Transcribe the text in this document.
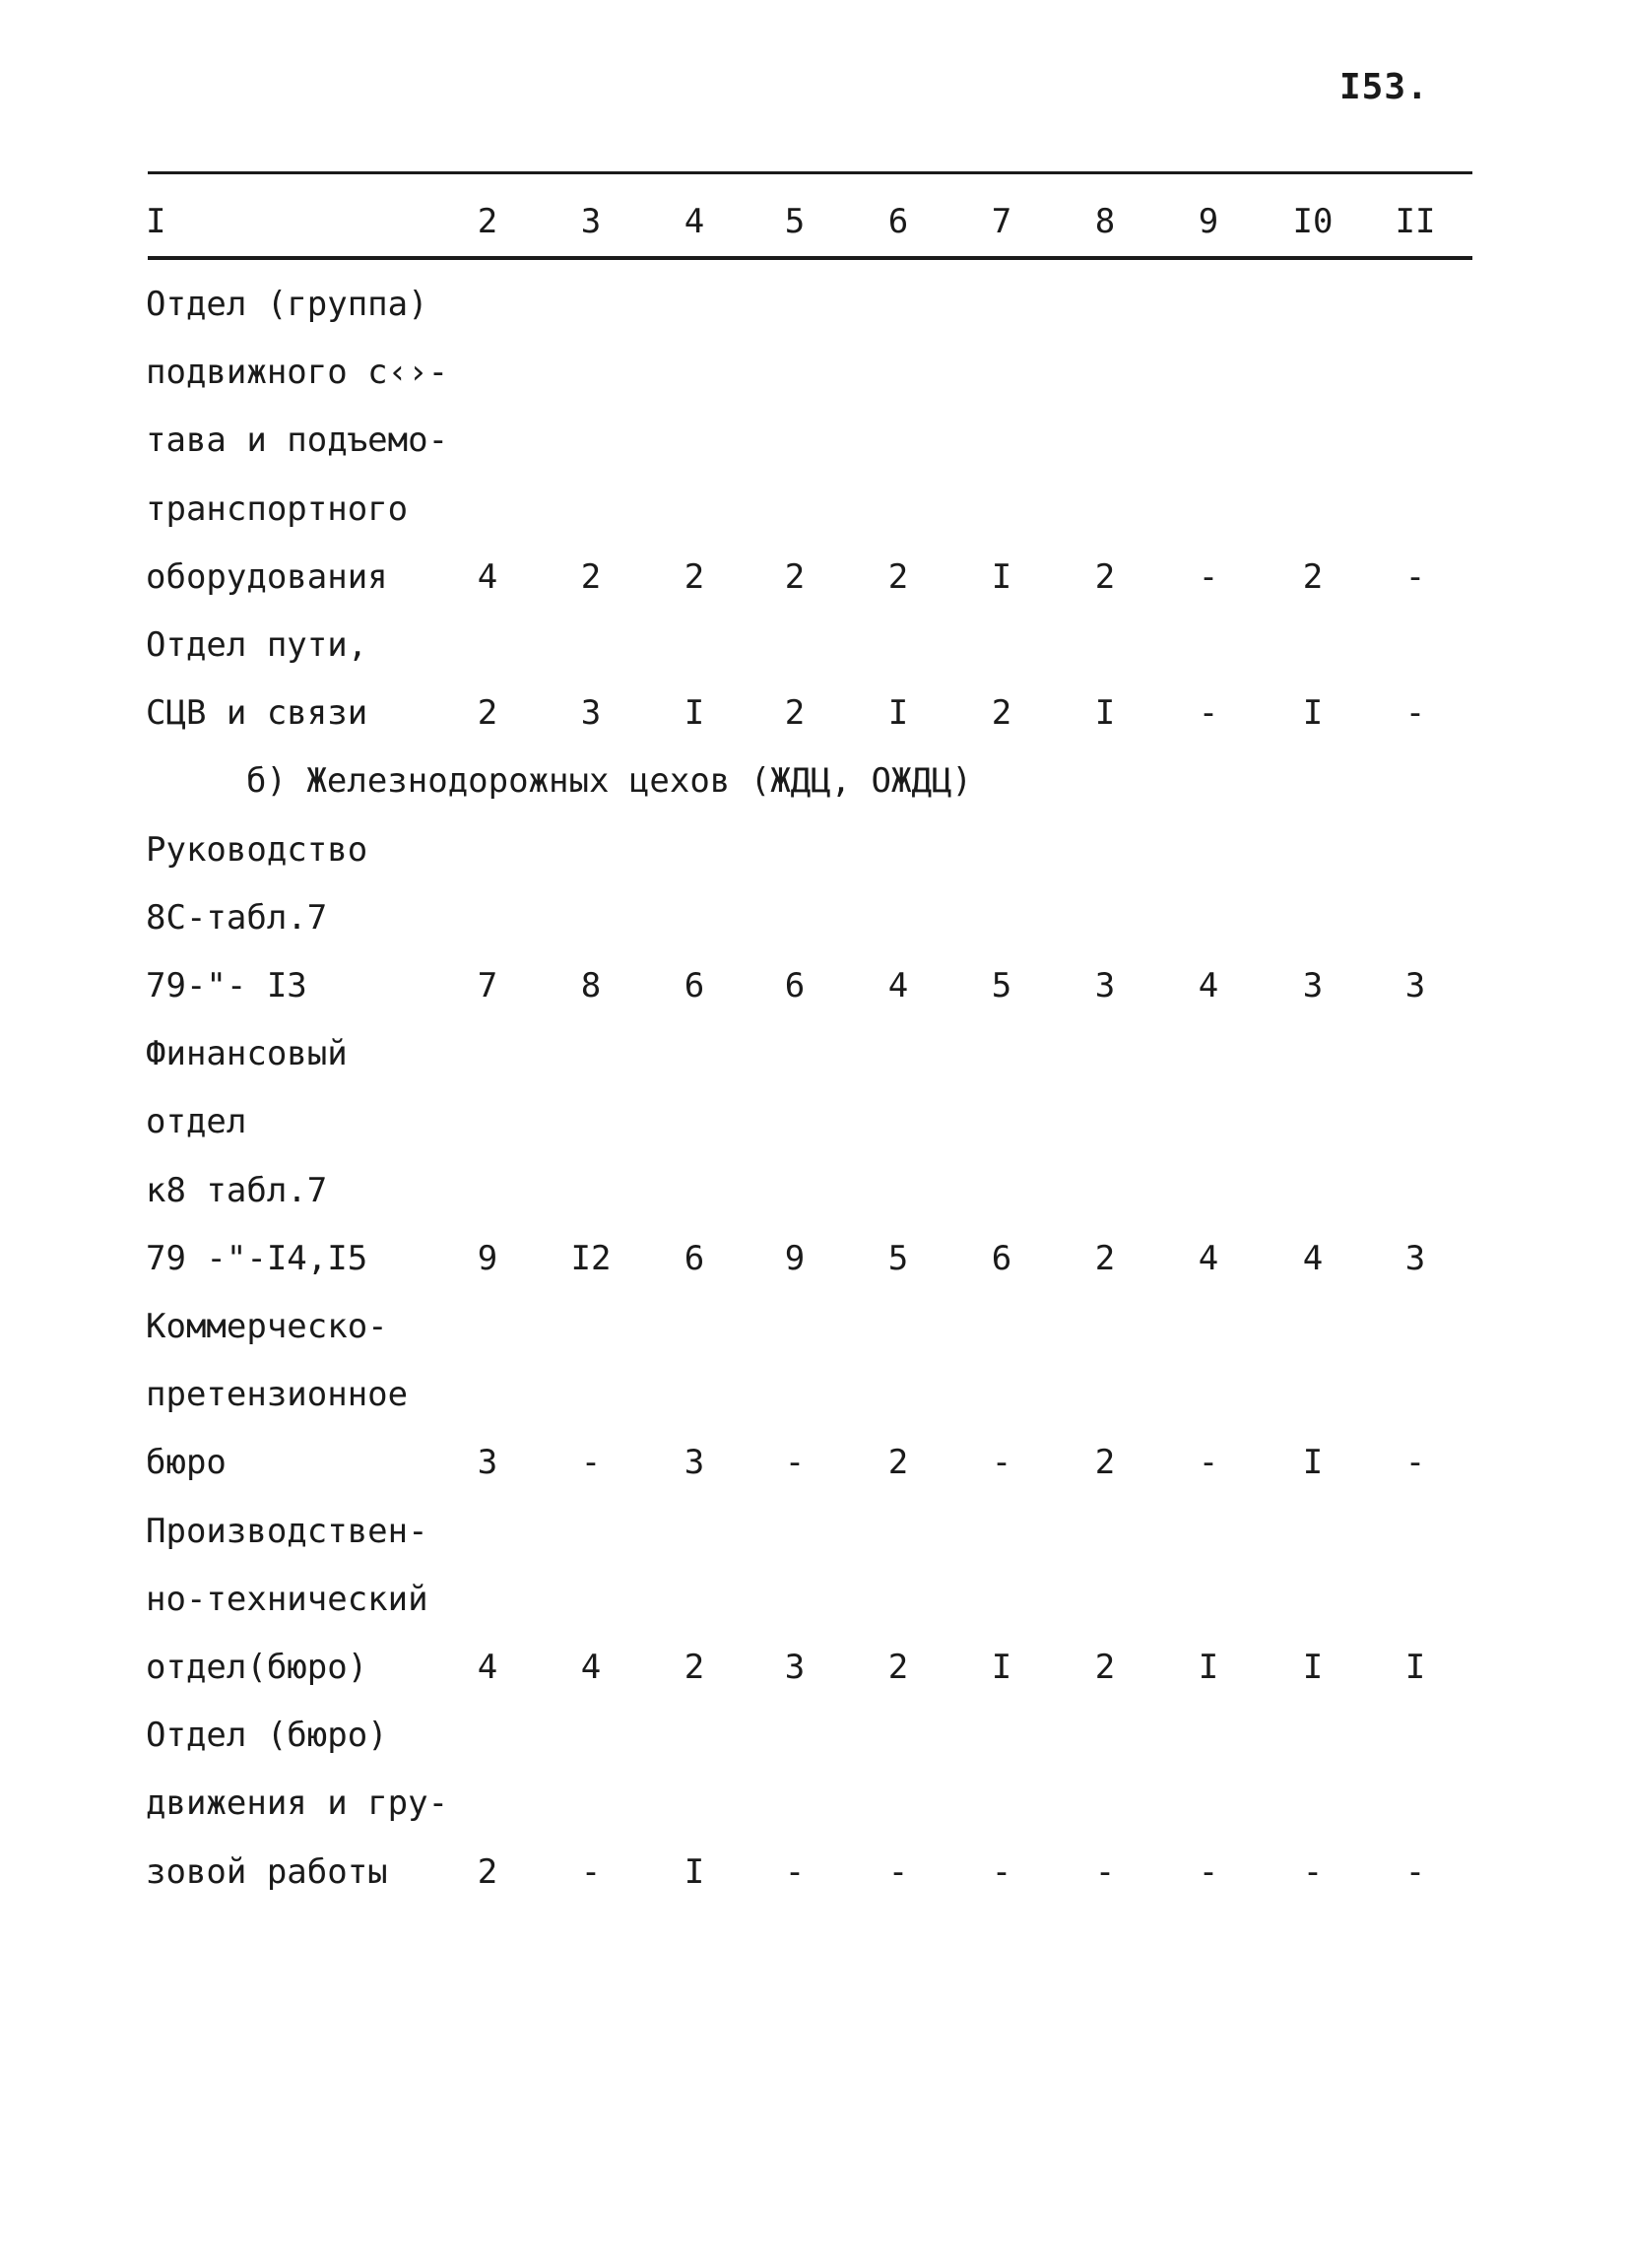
I53.
I	2	3	4	5	6	7	8	9	I0	II
Отдел (группа)
подвижного с‹›-
тава и подъемо-
транспортного
оборудования	4	2	2	2	2	I	2	-	2	-
Отдел пути,
СЦВ и связи	2	3	I	2	I	2	I	-	I	-
б) Железнодорожных цехов (ЖДЦ, ОЖДЦ)
Руководство
8С-табл.7
79-"- I3	7	8	6	6	4	5	3	4	3	3
Финансовый
отдел
к8 табл.7
79 -"-I4,I5	9	I2	6	9	5	6	2	4	4	3
Коммерческо-
претензионное
бюро	3	-	3	-	2	-	2	-	I	-
Производствен-
но-технический
отдел(бюро)	4	4	2	3	2	I	2	I	I	I
Отдел (бюро)
движения и гру-
зовой работы	2	-	I	-	-	-	-	-	-	-
